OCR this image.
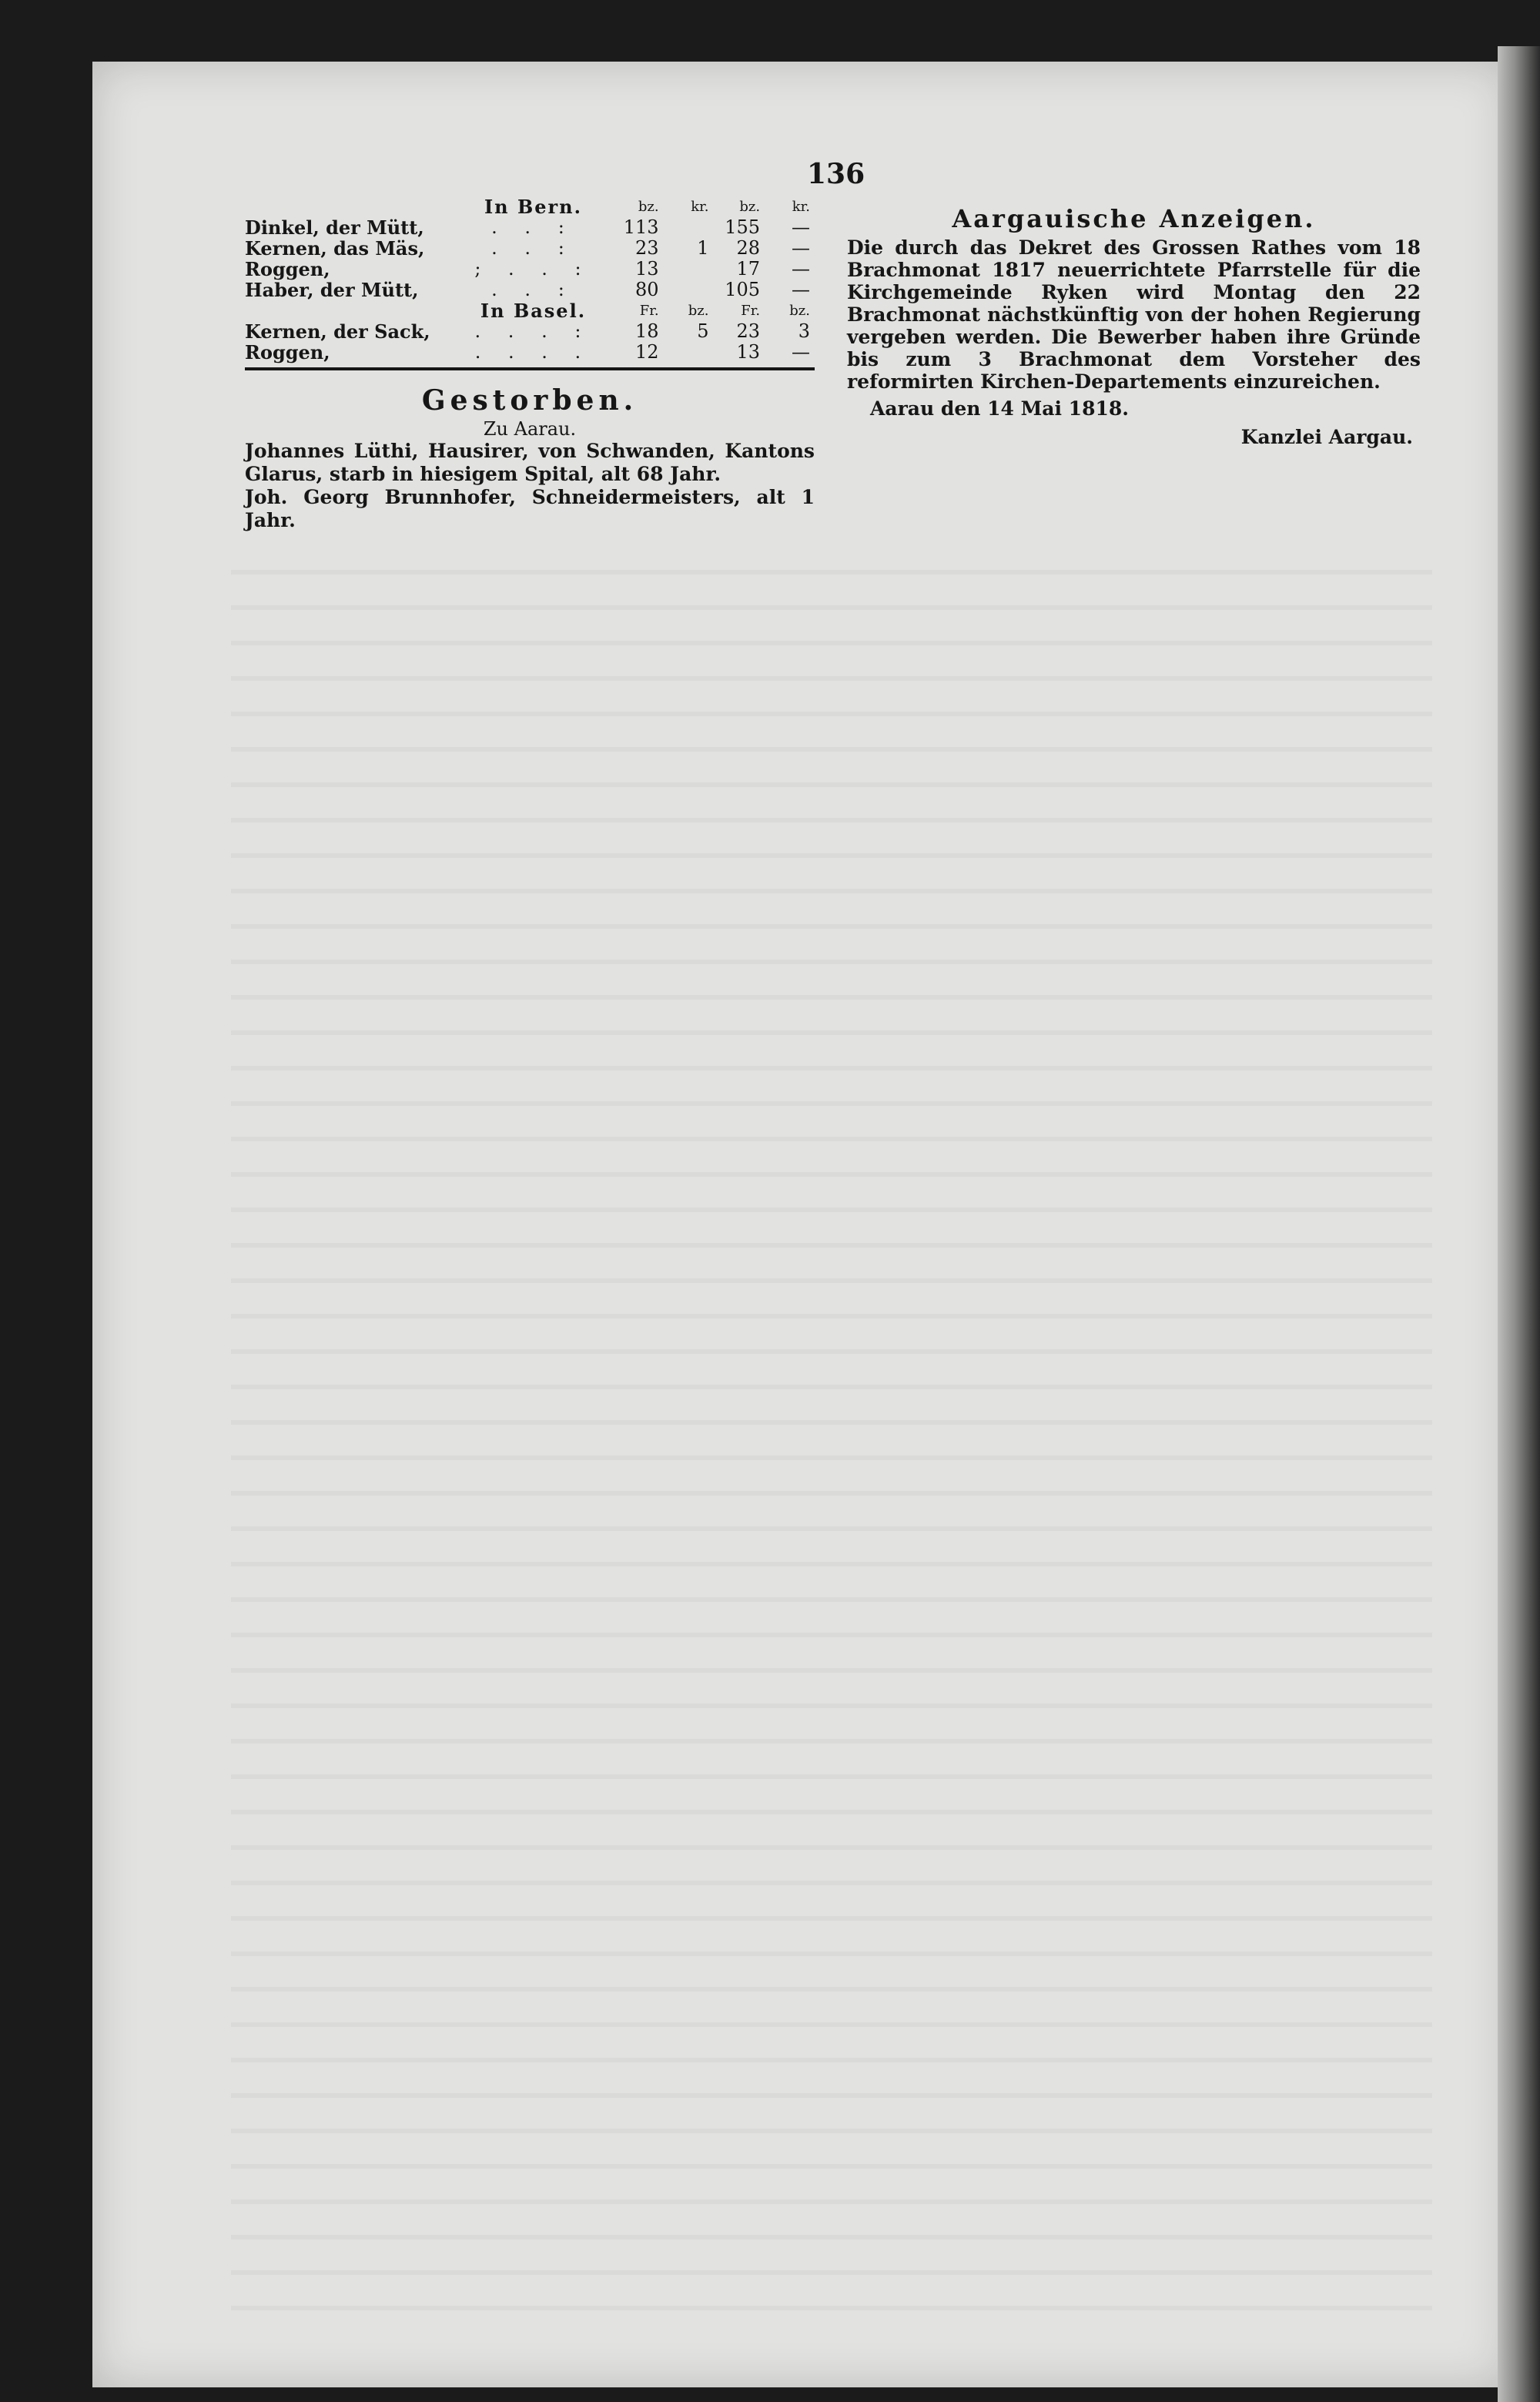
136
	In Bern.	bz.	kr.	bz.	kr.
Dinkel, der Mütt,	. . :	113		155	—
Kernen, das Mäs,	. . :	23	1	28	—
Roggen,	; . . :	13		17	—
Haber, der Mütt,	. . :	80		105	—
	In Basel.	Fr.	bz.	Fr.	bz.
Kernen, der Sack,	. . . :	18	5	23	3
Roggen,	. . . .	12		13	—
Gestorben.
Zu Aarau.
Johannes Lüthi, Hausirer, von Schwanden, Kantons Glarus, starb in hiesigem Spital, alt 68 Jahr.
Joh. Georg Brunnhofer, Schneidermeisters, alt 1 Jahr.
Aargauische Anzeigen.

Die durch das Dekret des Grossen Rathes vom 18 Brachmonat 1817 neuerrichtete Pfarrstelle für die Kirchgemeinde Ryken wird Montag den 22 Brachmonat nächstkünftig von der hohen Regierung vergeben werden. Die Bewerber haben ihre Gründe bis zum 3 Brachmonat dem Vorsteher des reformirten Kirchen-Departements einzureichen.

Aarau den 14 Mai 1818.
Kanzlei Aargau.
